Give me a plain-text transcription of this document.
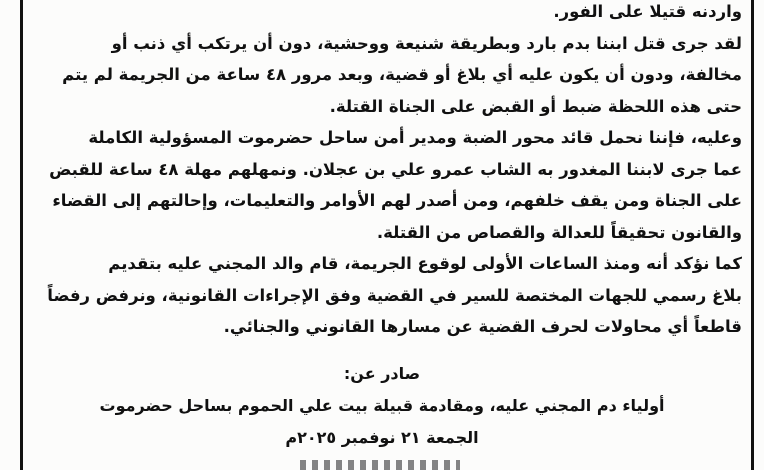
واردنه قتيلا على الفور.
لقد جرى قتل ابننا بدم بارد وبطريقة شنيعة ووحشية، دون أن يرتكب أي ذنب أو
مخالفة، ودون أن يكون عليه أي بلاغ أو قضية، وبعد مرور ٤٨ ساعة من الجريمة لم يتم
حتى هذه اللحظة ضبط أو القبض على الجناة القتلة.
وعليه، فإننا نحمل قائد محور الضبة ومدير أمن ساحل حضرموت المسؤولية الكاملة
عما جرى لابننا المغدور به الشاب عمرو علي بن عجلان. ونمهلهم مهلة ٤٨ ساعة للقبض
على الجناة ومن يقف خلفهم، ومن أصدر لهم الأوامر والتعليمات، وإحالتهم إلى القضاء
والقانون تحقيقاً للعدالة والقصاص من القتلة.
كما نؤكد أنه ومنذ الساعات الأولى لوقوع الجريمة، قام والد المجني عليه بتقديم
بلاغ رسمي للجهات المختصة للسير في القضية وفق الإجراءات القانونية، ونرفض رفضاً
قاطعاً أي محاولات لحرف القضية عن مسارها القانوني والجنائي.
صادر عن:
أولياء دم المجني عليه، ومقادمة قبيلة بيت علي الحموم بساحل حضرموت
الجمعة ٢١ نوفمبر ٢٠٢٥م
